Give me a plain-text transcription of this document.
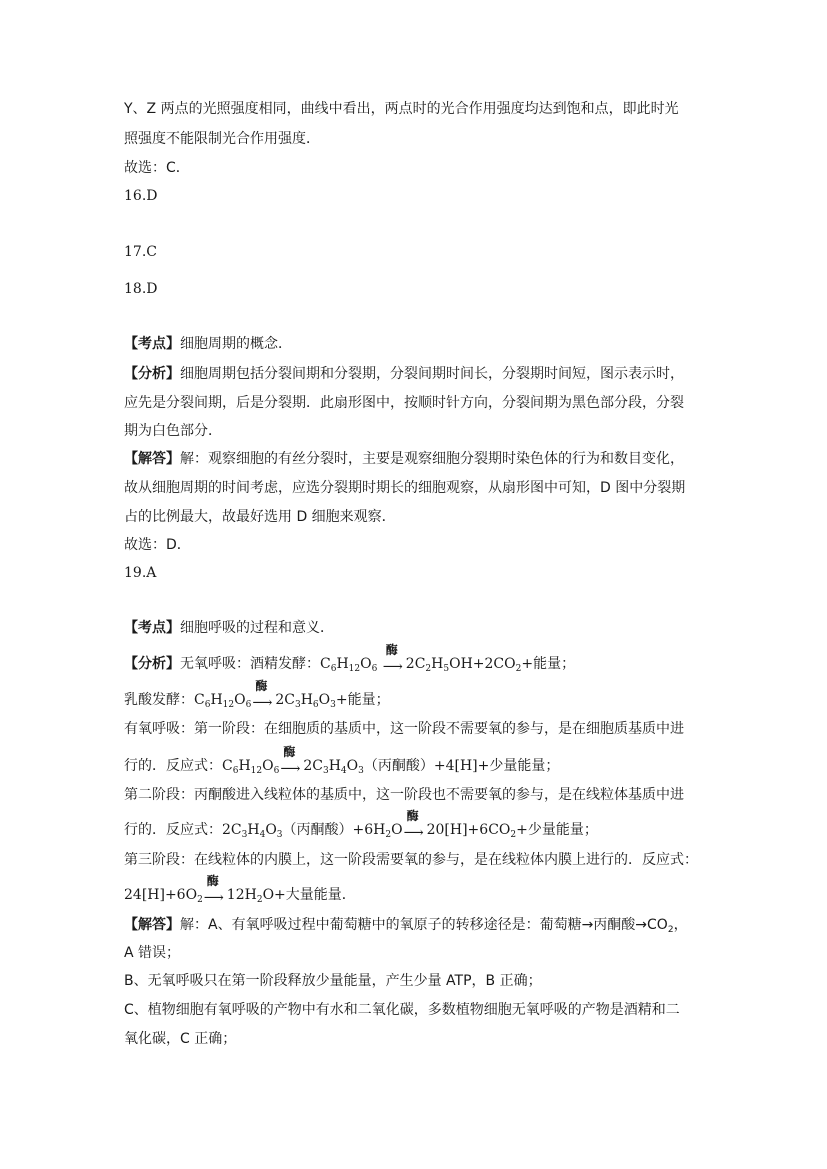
Y、Z 两点的光照强度相同，曲线中看出，两点时的光合作用强度均达到饱和点，即此时光
照强度不能限制光合作用强度．
故选：C．
16.D
17.C
18.D
【考点】细胞周期的概念．
【分析】细胞周期包括分裂间期和分裂期，分裂间期时间长，分裂期时间短，图示表示时，
应先是分裂间期，后是分裂期．此扇形图中，按顺时针方向，分裂间期为黑色部分段，分裂
期为白色部分．
【解答】解：观察细胞的有丝分裂时，主要是观察细胞分裂期时染色体的行为和数目变化，
故从细胞周期的时间考虑，应选分裂期时期长的细胞观察，从扇形图中可知，D 图中分裂期
占的比例最大，故最好选用 D 细胞来观察．
故选：D．
19.A
【考点】细胞呼吸的过程和意义．
【分析】无氧呼吸：酒精发酵：$C_6H_{12}O_6$
酶
⟶ $2C_2H_5OH+2CO_2+$能量；
乳酸发酵：$C_6H_{12}O_6$
酶
⟶ $2C_3H_6O_3+$能量；
有氧呼吸：第一阶段：在细胞质的基质中，这一阶段不需要氧的参与，是在细胞质基质中进
行的．反应式：$C_6H_{12}O_6$
酶
⟶ $2C_3H_4O_3$（丙酮酸）+4[H]+少量能量；
第二阶段：丙酮酸进入线粒体的基质中，这一阶段也不需要氧的参与，是在线粒体基质中进
行的．反应式：$2C_3H_4O_3$（丙酮酸）$+6H_2O$
酶
⟶ $20[H]+6CO_2+$少量能量；
第三阶段：在线粒体的内膜上，这一阶段需要氧的参与，是在线粒体内膜上进行的．反应式：
$24[H]+6O_2$
酶
⟶ $12H_2O+$大量能量．
【解答】解：A、有氧呼吸过程中葡萄糖中的氧原子的转移途径是：葡萄糖→丙酮酸$\to CO_2$，
A 错误；
B、无氧呼吸只在第一阶段释放少量能量，产生少量 ATP，B 正确；
C、植物细胞有氧呼吸的产物中有水和二氧化碳，多数植物细胞无氧呼吸的产物是酒精和二
氧化碳，C 正确；
